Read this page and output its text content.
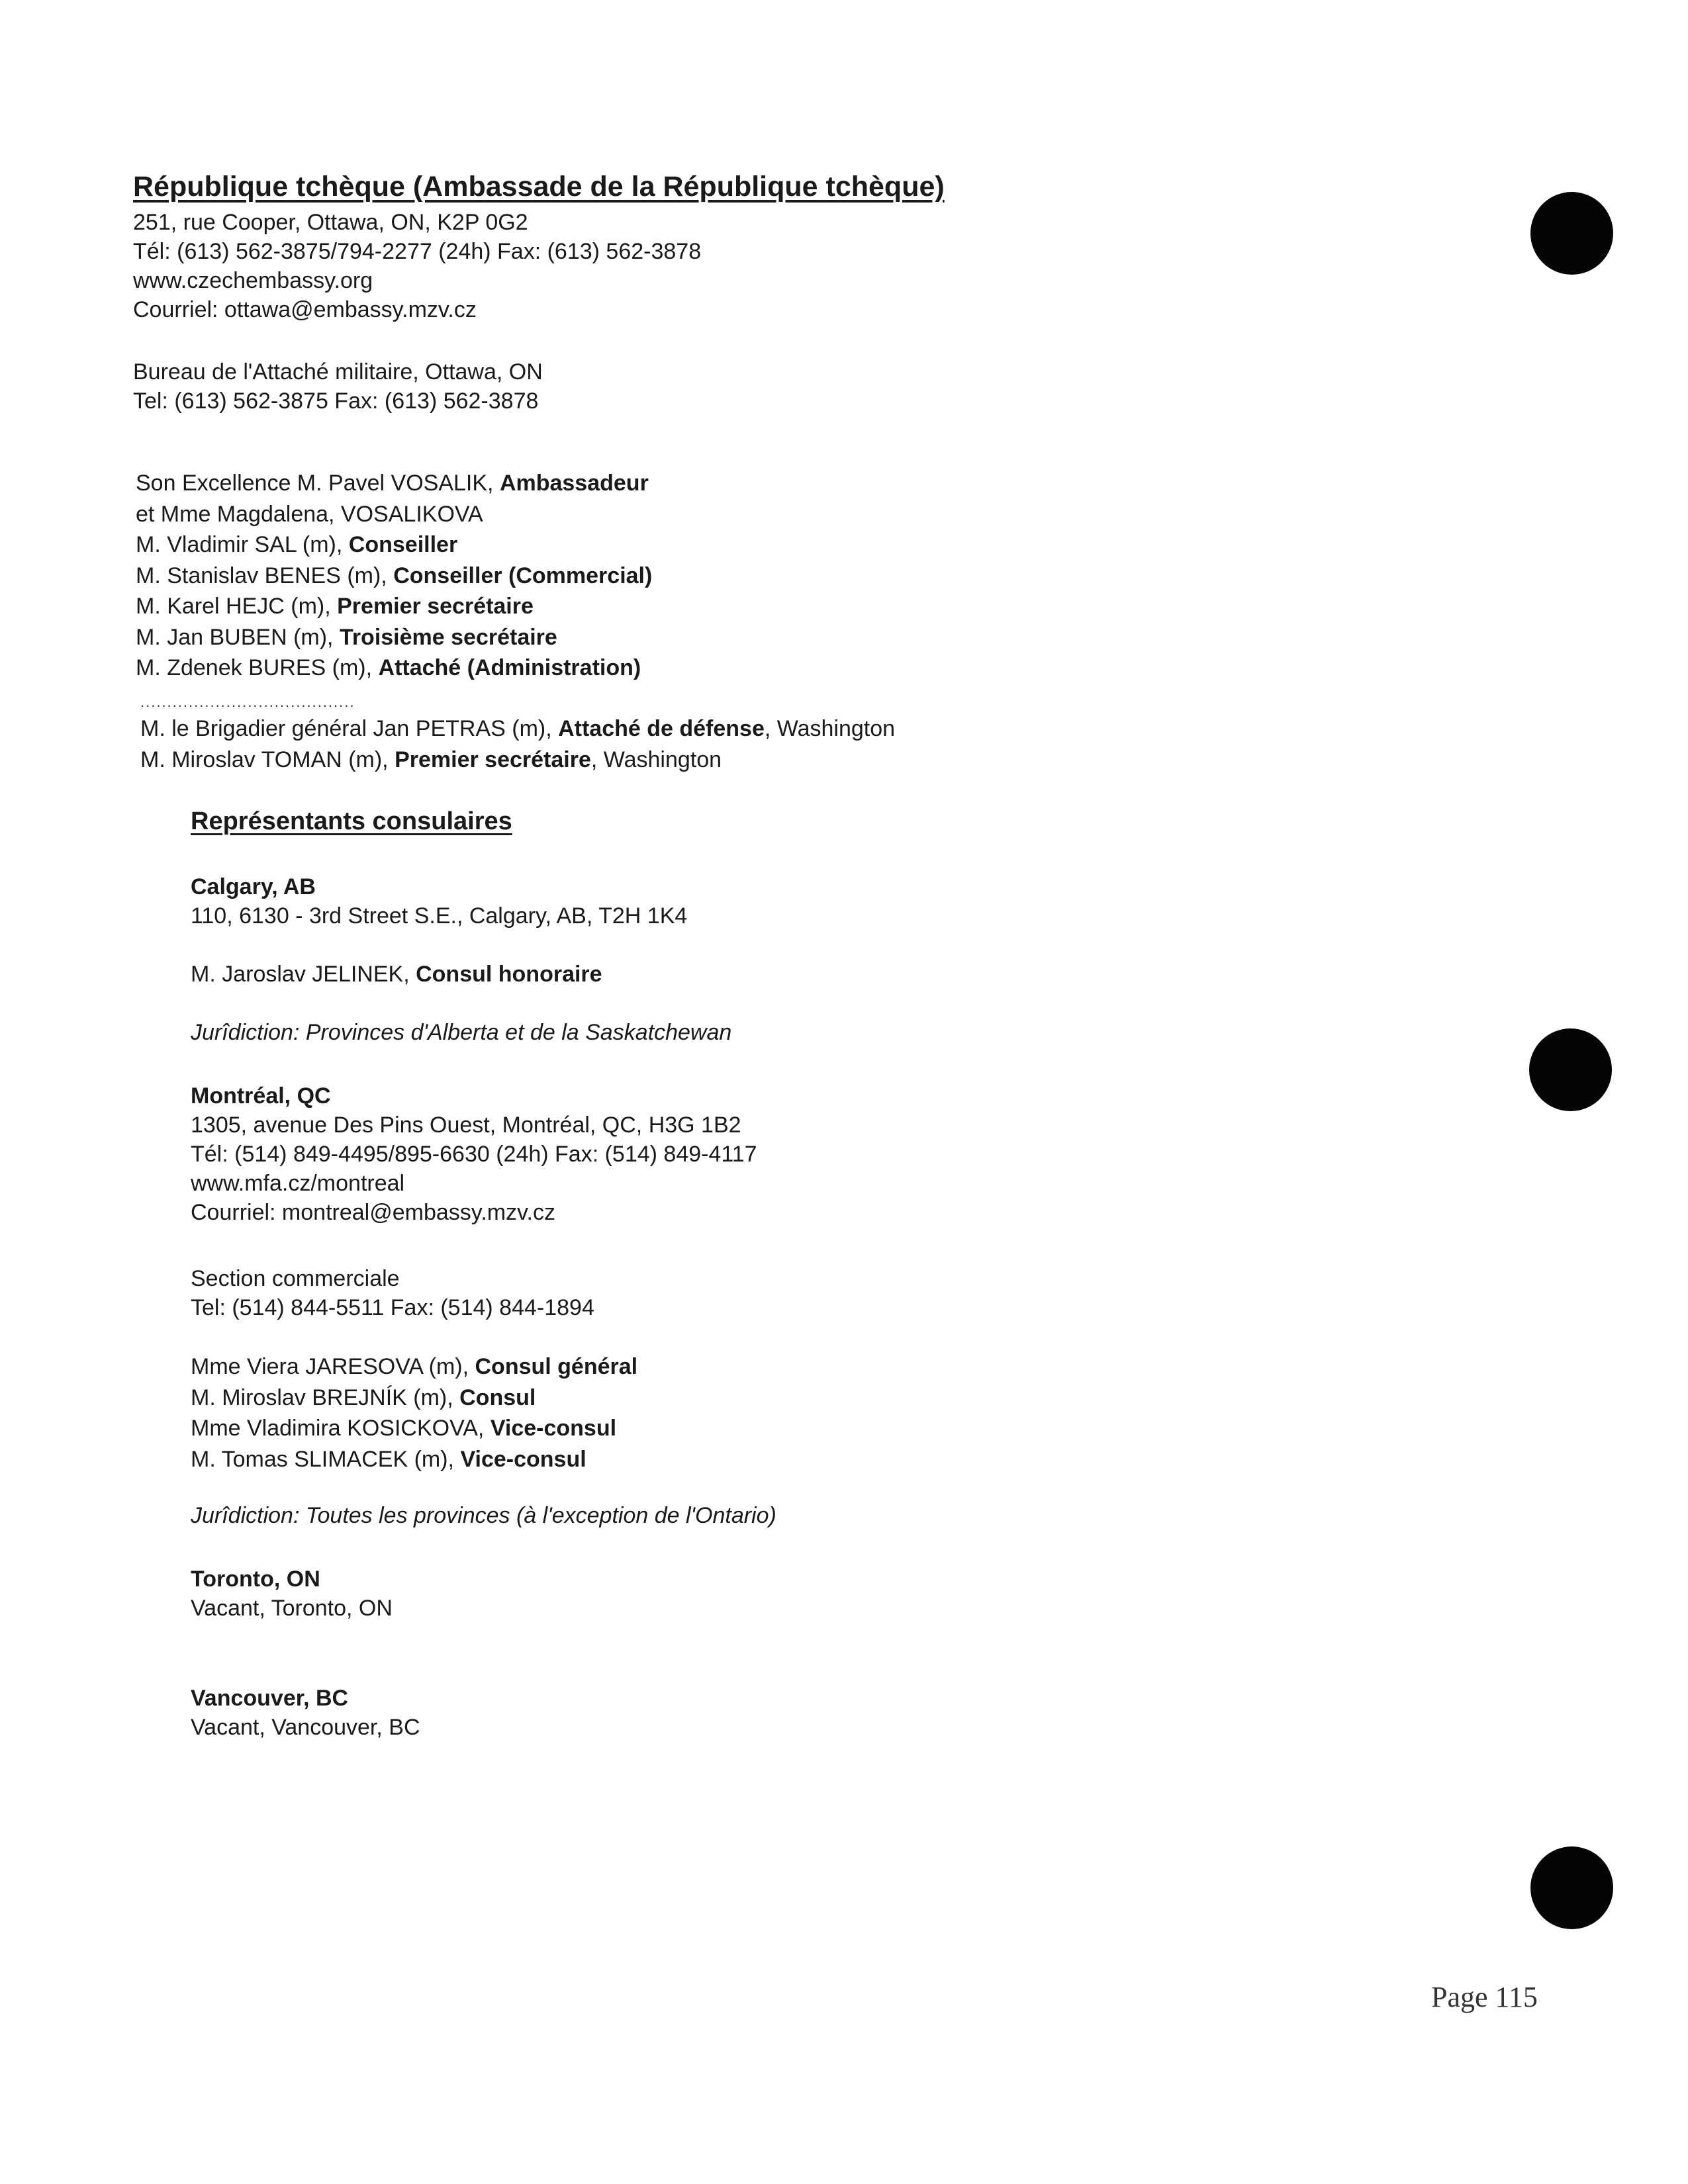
République tchèque (Ambassade de la République tchèque)
251, rue Cooper, Ottawa, ON, K2P 0G2
Tél: (613) 562-3875/794-2277 (24h) Fax: (613) 562-3878
www.czechembassy.org
Courriel: ottawa@embassy.mzv.cz
Bureau de l'Attaché militaire, Ottawa, ON
Tel: (613) 562-3875 Fax: (613) 562-3878
Son Excellence M. Pavel VOSALIK, Ambassadeur
et Mme Magdalena, VOSALIKOVA
M. Vladimir SAL (m), Conseiller
M. Stanislav BENES (m), Conseiller (Commercial)
M. Karel HEJC (m), Premier secrétaire
M. Jan BUBEN (m), Troisième secrétaire
M. Zdenek BURES (m), Attaché (Administration)
........................................
M. le Brigadier général Jan PETRAS (m), Attaché de défense, Washington
M. Miroslav TOMAN (m), Premier secrétaire, Washington
Représentants consulaires
Calgary, AB
110, 6130 - 3rd Street S.E., Calgary, AB, T2H 1K4
M. Jaroslav JELINEK, Consul honoraire
Jurîdiction: Provinces d'Alberta et de la Saskatchewan
Montréal, QC
1305, avenue Des Pins Ouest, Montréal, QC, H3G 1B2
Tél: (514) 849-4495/895-6630 (24h) Fax: (514) 849-4117
www.mfa.cz/montreal
Courriel: montreal@embassy.mzv.cz
Section commerciale
Tel: (514) 844-5511 Fax: (514) 844-1894
Mme Viera JARESOVA (m), Consul général
M. Miroslav BREJNÍK (m), Consul
Mme Vladimira KOSICKOVA, Vice-consul
M. Tomas SLIMACEK (m), Vice-consul
Jurîdiction: Toutes les provinces (à l'exception de l'Ontario)
Toronto, ON
Vacant, Toronto, ON
Vancouver, BC
Vacant, Vancouver, BC
Page 115
